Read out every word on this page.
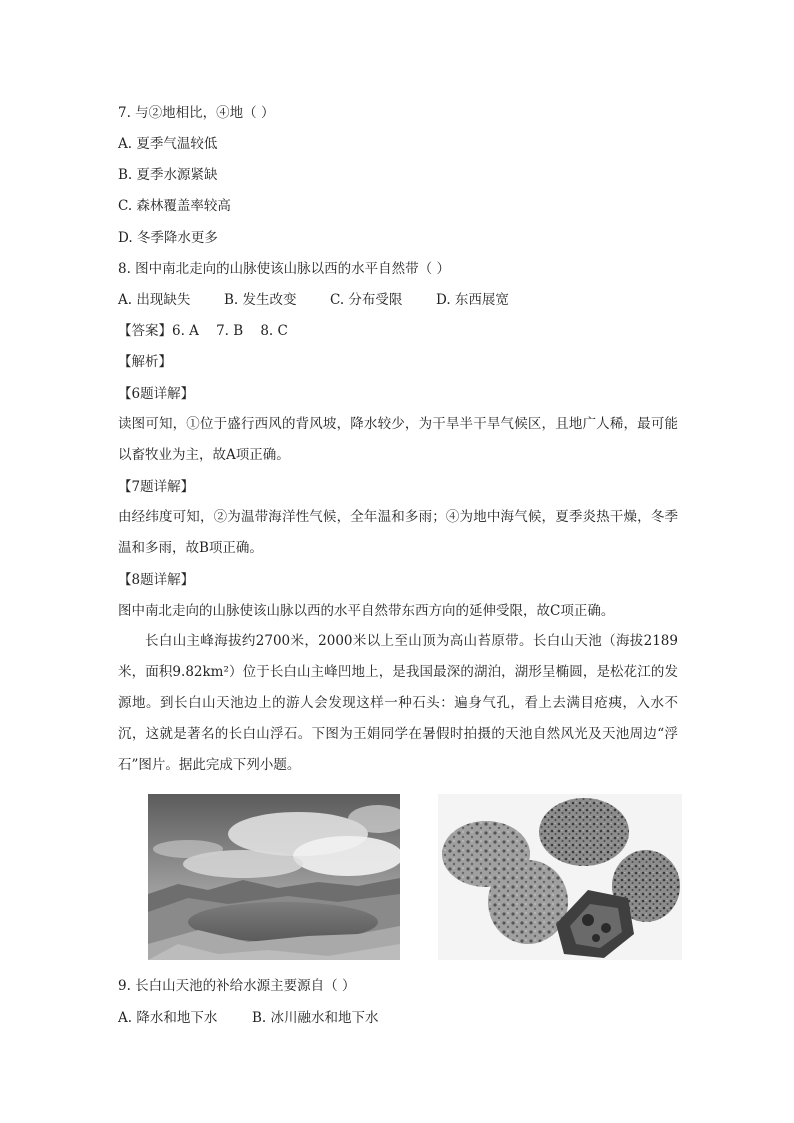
7. 与②地相比，④地（ ）
A. 夏季气温较低
B. 夏季水源紧缺
C. 森林覆盖率较高
D. 冬季降水更多
8. 图中南北走向的山脉使该山脉以西的水平自然带（ ）
A. 出现缺失 B. 发生改变 C. 分布受限 D. 东西展宽
【答案】6. A    7. B    8. C
【解析】
【6题详解】
读图可知，①位于盛行西风的背风坡，降水较少，为干旱半干旱气候区，且地广人稀，最可能以畜牧业为主，故A项正确。
【7题详解】
由经纬度可知，②为温带海洋性气候，全年温和多雨；④为地中海气候，夏季炎热干燥，冬季温和多雨，故B项正确。
【8题详解】
图中南北走向的山脉使该山脉以西的水平自然带东西方向的延伸受限，故C项正确。
长白山主峰海拔约2700米，2000米以上至山顶为高山苔原带。长白山天池（海拔2189米，面积9.82km²）位于长白山主峰凹地上，是我国最深的湖泊，湖形呈椭圆，是松花江的发源地。到长白山天池边上的游人会发现这样一种石头：遍身气孔，看上去满目疮痍，入水不沉，这就是著名的长白山浮石。下图为王娟同学在暑假时拍摄的天池自然风光及天池周边“浮石”图片。据此完成下列小题。
9. 长白山天池的补给水源主要源自（ ）
A. 降水和地下水	B. 冰川融水和地下水
